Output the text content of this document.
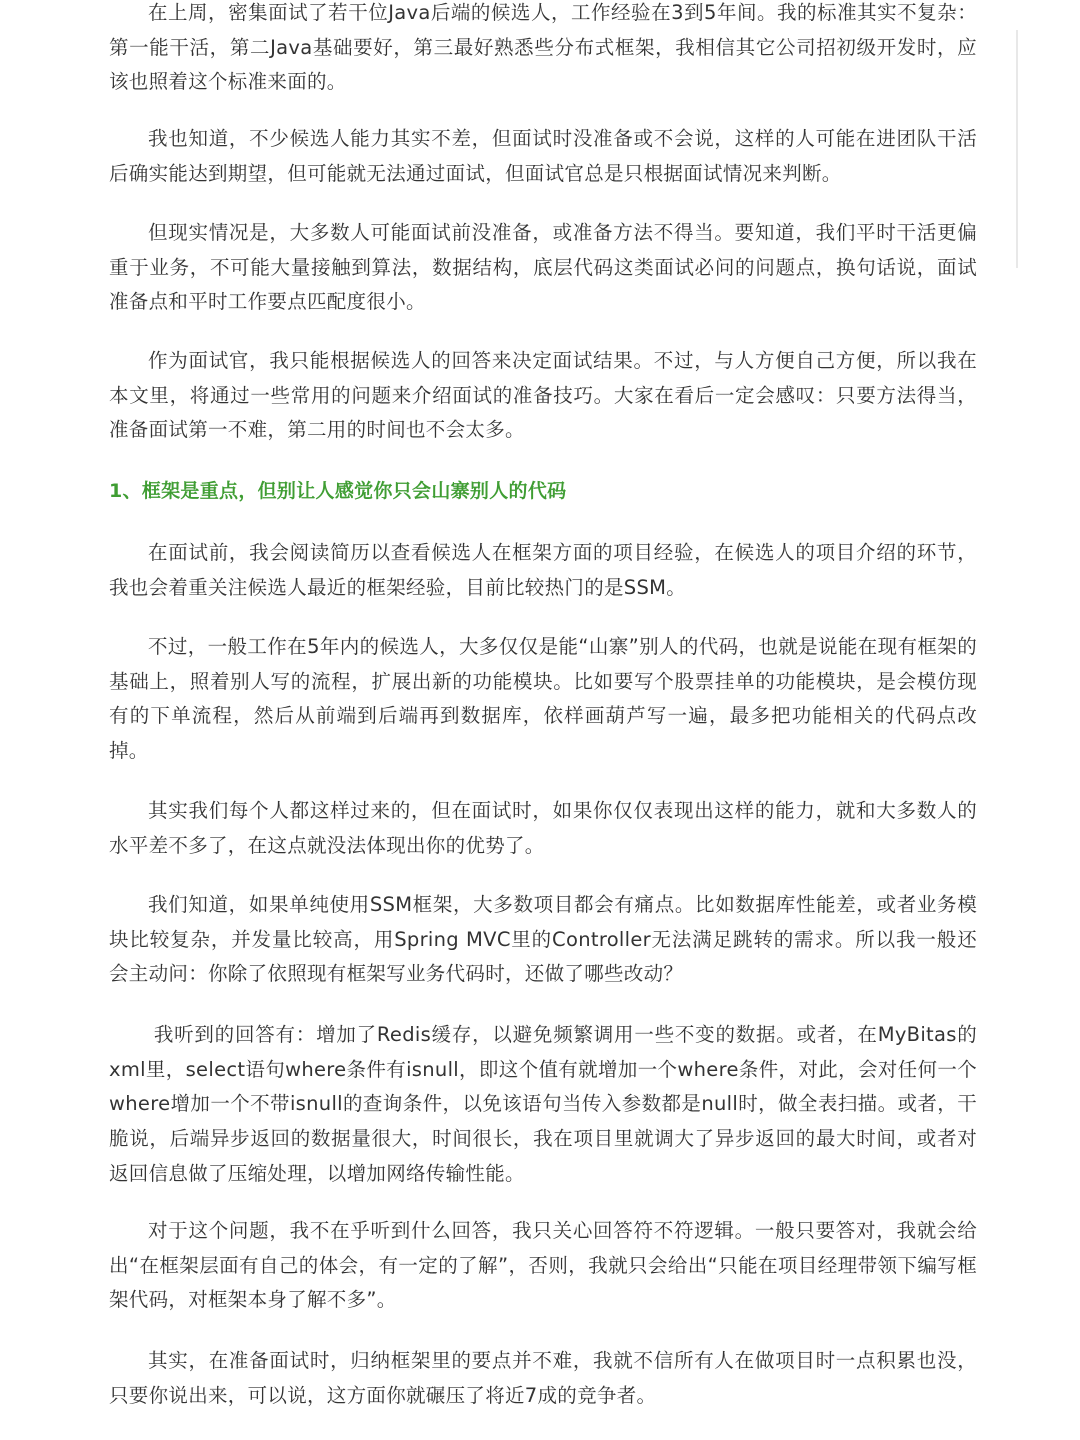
在上周，密集面试了若干位Java后端的候选人，工作经验在3到5年间。我的标准其实不复杂：第一能干活，第二Java基础要好，第三最好熟悉些分布式框架，我相信其它公司招初级开发时，应该也照着这个标准来面的。

我也知道，不少候选人能力其实不差，但面试时没准备或不会说，这样的人可能在进团队干活后确实能达到期望，但可能就无法通过面试，但面试官总是只根据面试情况来判断。

但现实情况是，大多数人可能面试前没准备，或准备方法不得当。要知道，我们平时干活更偏重于业务，不可能大量接触到算法，数据结构，底层代码这类面试必问的问题点，换句话说，面试准备点和平时工作要点匹配度很小。

作为面试官，我只能根据候选人的回答来决定面试结果。不过，与人方便自己方便，所以我在本文里，将通过一些常用的问题来介绍面试的准备技巧。大家在看后一定会感叹：只要方法得当，准备面试第一不难，第二用的时间也不会太多。

1、框架是重点，但别让人感觉你只会山寨别人的代码

在面试前，我会阅读简历以查看候选人在框架方面的项目经验，在候选人的项目介绍的环节，我也会着重关注候选人最近的框架经验，目前比较热门的是SSM。

不过，一般工作在5年内的候选人，大多仅仅是能“山寨”别人的代码，也就是说能在现有框架的基础上，照着别人写的流程，扩展出新的功能模块。比如要写个股票挂单的功能模块，是会模仿现有的下单流程，然后从前端到后端再到数据库，依样画葫芦写一遍，最多把功能相关的代码点改掉。

其实我们每个人都这样过来的，但在面试时，如果你仅仅表现出这样的能力，就和大多数人的水平差不多了，在这点就没法体现出你的优势了。

我们知道，如果单纯使用SSM框架，大多数项目都会有痛点。比如数据库性能差，或者业务模块比较复杂，并发量比较高，用Spring MVC里的Controller无法满足跳转的需求。所以我一般还会主动问：你除了依照现有框架写业务代码时，还做了哪些改动？

我听到的回答有：增加了Redis缓存，以避免频繁调用一些不变的数据。或者，在MyBitas的xml里，select语句where条件有isnull，即这个值有就增加一个where条件，对此，会对任何一个where增加一个不带isnull的查询条件，以免该语句当传入参数都是null时，做全表扫描。或者，干脆说，后端异步返回的数据量很大，时间很长，我在项目里就调大了异步返回的最大时间，或者对返回信息做了压缩处理，以增加网络传输性能。

对于这个问题，我不在乎听到什么回答，我只关心回答符不符逻辑。一般只要答对，我就会给出“在框架层面有自己的体会，有一定的了解”，否则，我就只会给出“只能在项目经理带领下编写框架代码，对框架本身了解不多”。

其实，在准备面试时，归纳框架里的要点并不难，我就不信所有人在做项目时一点积累也没，只要你说出来，可以说，这方面你就碾压了将近7成的竞争者。
